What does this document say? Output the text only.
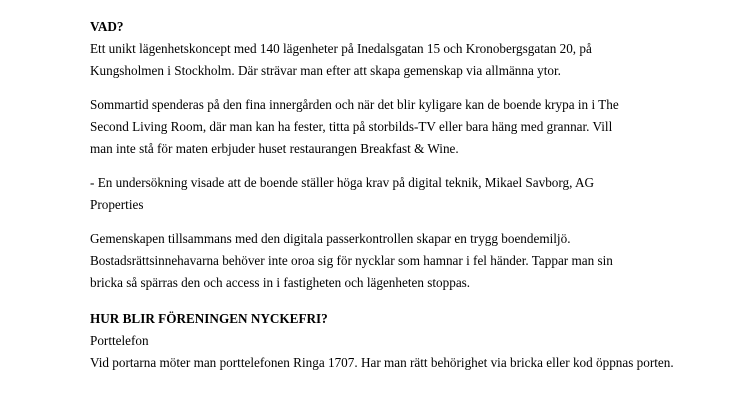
VAD?

Ett unikt lägenhetskoncept med 140 lägenheter på Inedalsgatan 15 och Kronobergsgatan 20, på

Kungsholmen i Stockholm. Där strävar man efter att skapa gemenskap via allmänna ytor.

Sommartid spenderas på den fina innergården och när det blir kyligare kan de boende krypa in i The

Second Living Room, där man kan ha fester, titta på storbilds-TV eller bara häng med grannar. Vill

man inte stå för maten erbjuder huset restaurangen Breakfast & Wine.

- En undersökning visade att de boende ställer höga krav på digital teknik, Mikael Savborg, AG

Properties

Gemenskapen tillsammans med den digitala passerkontrollen skapar en trygg boendemiljö.

Bostadsrättsinnehavarna behöver inte oroa sig för nycklar som hamnar i fel händer. Tappar man sin

bricka så spärras den och access in i fastigheten och lägenheten stoppas.

HUR BLIR FÖRENINGEN NYCKEFRI?

Porttelefon

Vid portarna möter man porttelefonen Ringa 1707. Har man rätt behörighet via bricka eller kod öppnas porten.
